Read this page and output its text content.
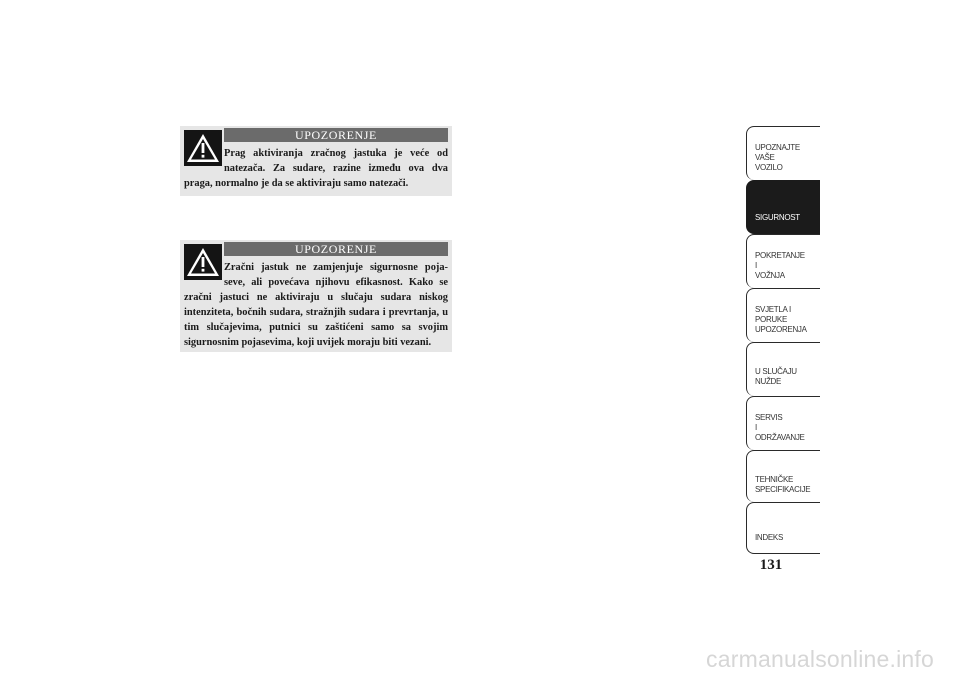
UPOZORENJE
Prag aktiviranja zračnog jastuka je veće od natezača. Za sudare, razine između ova dva praga, normalno je da se aktiviraju samo natezači.
UPOZORENJE
Zračni jastuk ne zamjenjuje sigurnosne poja- seve, ali povećava njihovu efikasnost. Kako se zračni jastuci ne aktiviraju u slučaju sudara niskog intenziteta, bočnih sudara, stražnjih sudara i prevrtanja, u tim slučajevima, putnici su zaštićeni samo sa svojim sigurnosnim pojasevima, koji uvijek moraju biti vezani.

UPOZNAJTE
VAŠE
VOZILO

SIGURNOST

POKRETANJE
I
VOŽNJA

SVJETLA I
PORUKE
UPOZORENJA

U SLUČAJU
NUŽDE

SERVIS
I
ODRŽAVANJE

TEHNIČKE
SPECIFIKACIJE

INDEKS

131
carmanualsonline.info
